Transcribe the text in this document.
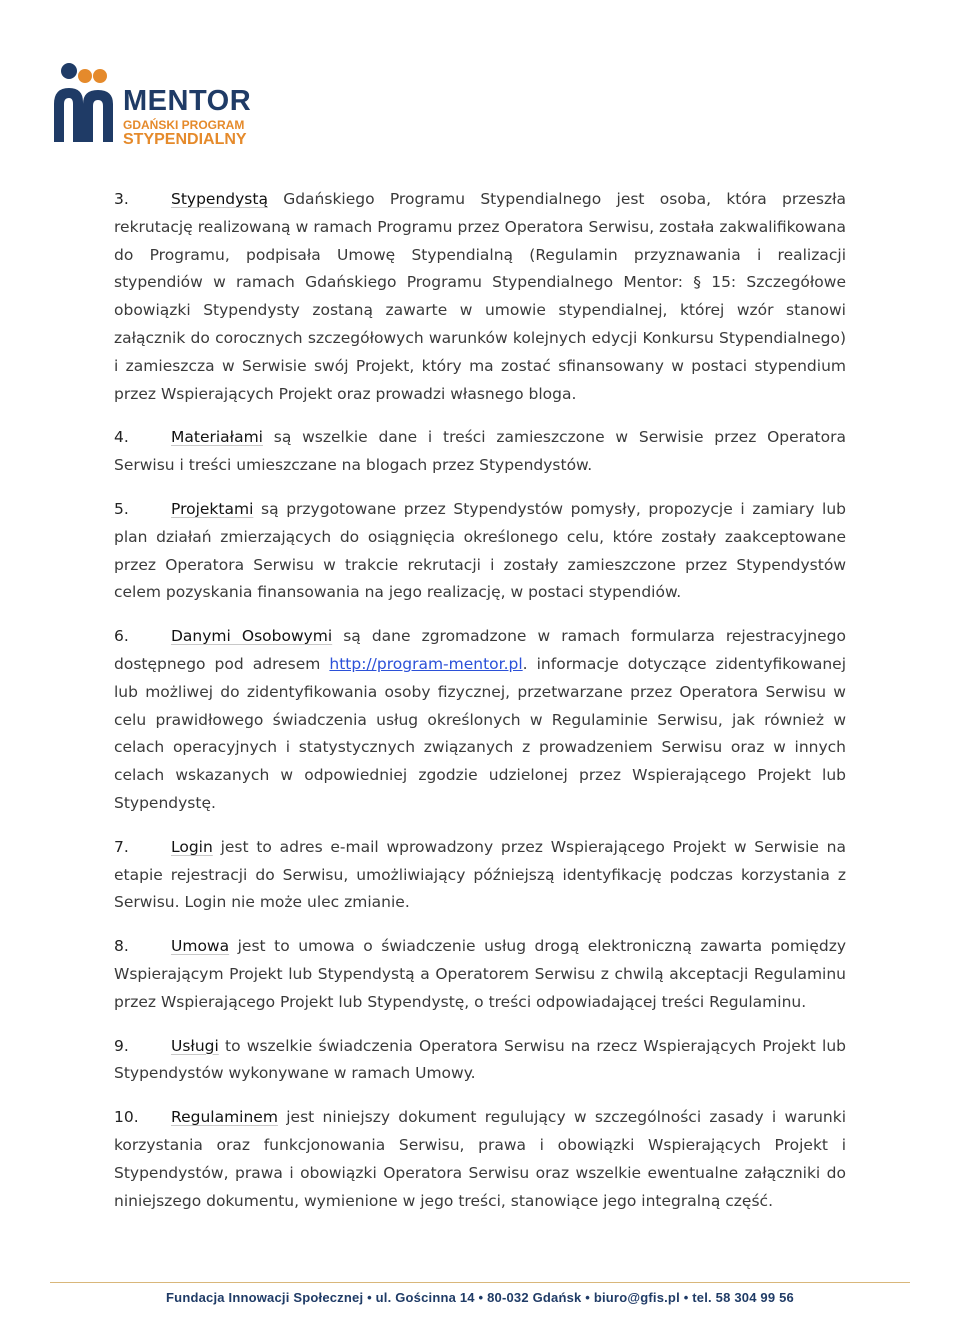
MENTOR
GDAŃSKI PROGRAM
STYPENDIALNY

3.	Stypendystą Gdańskiego Programu Stypendialnego jest osoba, która przeszła rekrutację realizowaną w ramach Programu przez Operatora Serwisu, została zakwalifikowana do Programu, podpisała Umowę Stypendialną (Regulamin przyznawania i realizacji stypendiów w ramach Gdańskiego Programu Stypendialnego Mentor: § 15: Szczegółowe obowiązki Stypendysty zostaną zawarte w umowie stypendialnej, której wzór stanowi załącznik do corocznych szczegółowych warunków kolejnych edycji Konkursu Stypendialnego) i zamieszcza w Serwisie swój Projekt, który ma zostać sfinansowany w postaci stypendium przez Wspierających Projekt oraz prowadzi własnego bloga.

4.	Materiałami są wszelkie dane i treści zamieszczone w Serwisie przez Operatora Serwisu i treści umieszczane na blogach przez Stypendystów.

5.	Projektami są przygotowane przez Stypendystów pomysły, propozycje i zamiary lub plan działań zmierzających do osiągnięcia określonego celu, które zostały zaakceptowane przez Operatora Serwisu w trakcie rekrutacji i zostały zamieszczone przez Stypendystów celem pozyskania finansowania na jego realizację, w postaci stypendiów.

6.	Danymi Osobowymi są dane zgromadzone w ramach formularza rejestracyjnego dostępnego pod adresem http://program-mentor.pl. informacje dotyczące zidentyfikowanej lub możliwej do zidentyfikowania osoby fizycznej, przetwarzane przez Operatora Serwisu w celu prawidłowego świadczenia usług określonych w Regulaminie Serwisu, jak również w celach operacyjnych i statystycznych związanych z prowadzeniem Serwisu oraz w innych celach wskazanych w odpowiedniej zgodzie udzielonej przez Wspierającego Projekt lub Stypendystę.

7.	Login jest to adres e-mail wprowadzony przez Wspierającego Projekt w Serwisie na etapie rejestracji do Serwisu, umożliwiający późniejszą identyfikację podczas korzystania z Serwisu. Login nie może ulec zmianie.

8.	Umowa jest to umowa o świadczenie usług drogą elektroniczną zawarta pomiędzy Wspierającym Projekt lub Stypendystą a Operatorem Serwisu z chwilą akceptacji Regulaminu przez Wspierającego Projekt lub Stypendystę, o treści odpowiadającej treści Regulaminu.

9.	Usługi to wszelkie świadczenia Operatora Serwisu na rzecz Wspierających Projekt lub Stypendystów wykonywane w ramach Umowy.

10. Regulaminem jest niniejszy dokument regulujący w szczególności zasady i warunki korzystania oraz funkcjonowania Serwisu, prawa i obowiązki Wspierających Projekt i Stypendystów, prawa i obowiązki Operatora Serwisu oraz wszelkie ewentualne załączniki do niniejszego dokumentu, wymienione w jego treści, stanowiące jego integralną część.

Fundacja Innowacji Społecznej • ul. Gościnna 14 • 80-032 Gdańsk • biuro@gfis.pl • tel. 58 304 99 56
